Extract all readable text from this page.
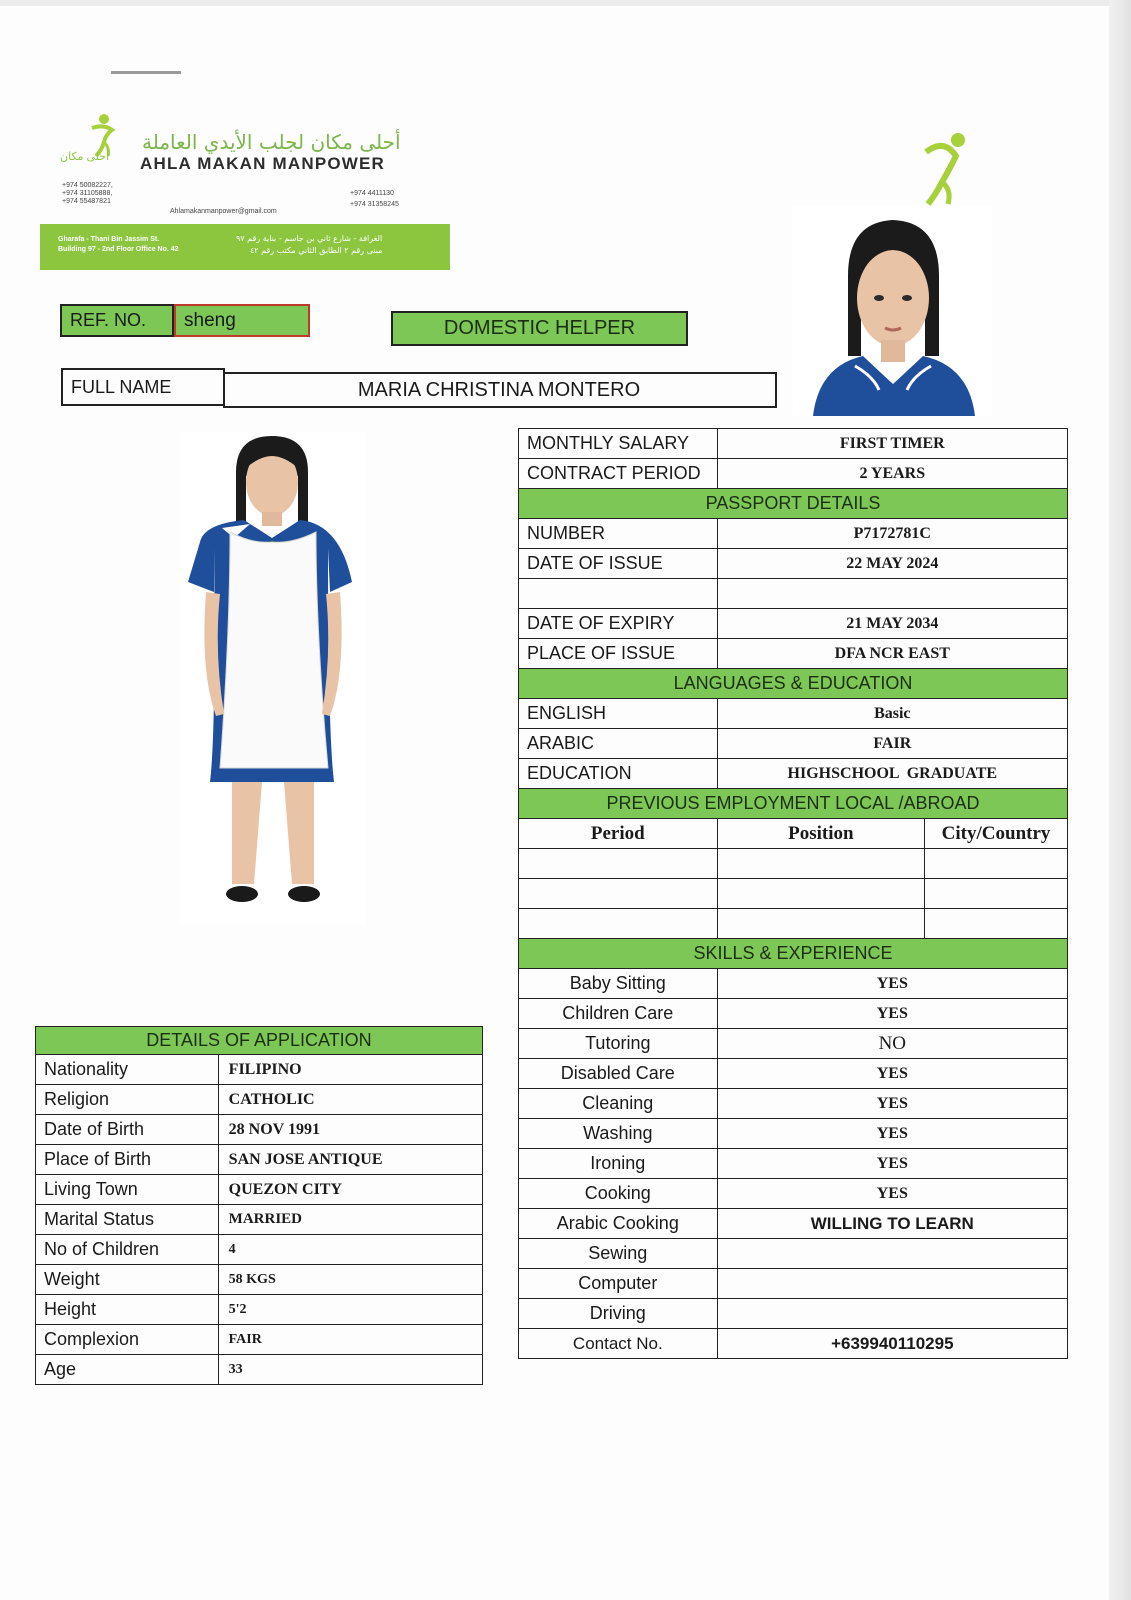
أحلى مكان
أحلى مكان لجلب الأيدي العاملة
AHLA MAKAN MANPOWER
+974 50082227,
+974 31105888,
+974 55487821
+974 4411130
+974 31358245
Ahlamakanmanpower@gmail.com
Gharafa - Thani Bin Jassim St.
Building 97 - 2nd Floor Office No. 42
الغرافة - شارع ثاني بن جاسم - بناية رقم ٩٧
مبنى رقم ٢ الطابق الثاني مكتب رقم ٤٢
REF. NO.	sheng	DOMESTIC HELPER
FULL NAME	MARIA CHRISTINA MONTERO
MONTHLY SALARY	FIRST TIMER	
CONTRACT PERIOD	2 YEARS	
PASSPORT DETAILS		
NUMBER	P7172781C	
DATE OF ISSUE	22 MAY 2024	

DATE OF EXPIRY	21 MAY 2034	
PLACE OF ISSUE	DFA NCR EAST	
LANGUAGES & EDUCATION		
ENGLISH	Basic	
ARABIC	FAIR	
EDUCATION	HIGHSCHOOL  GRADUATE	
PREVIOUS EMPLOYMENT LOCAL /ABROAD		
Period	Position	City/Country

SKILLS & EXPERIENCE		
Baby Sitting	YES	
Children Care	YES	
Tutoring	NO	
Disabled Care	YES	
Cleaning	YES	
Washing	YES	
Ironing	YES	
Cooking	YES	
Arabic Cooking	WILLING TO LEARN	
Sewing		
Computer		
Driving		
Contact No.	+639940110295	
DETAILS OF APPLICATION	
Nationality	FILIPINO
Religion	CATHOLIC
Date of Birth	28 NOV 1991
Place of Birth	SAN JOSE ANTIQUE
Living Town	QUEZON CITY
Marital Status	MARRIED
No of Children	4
Weight	58 KGS
Height	5'2
Complexion	FAIR
Age	33
